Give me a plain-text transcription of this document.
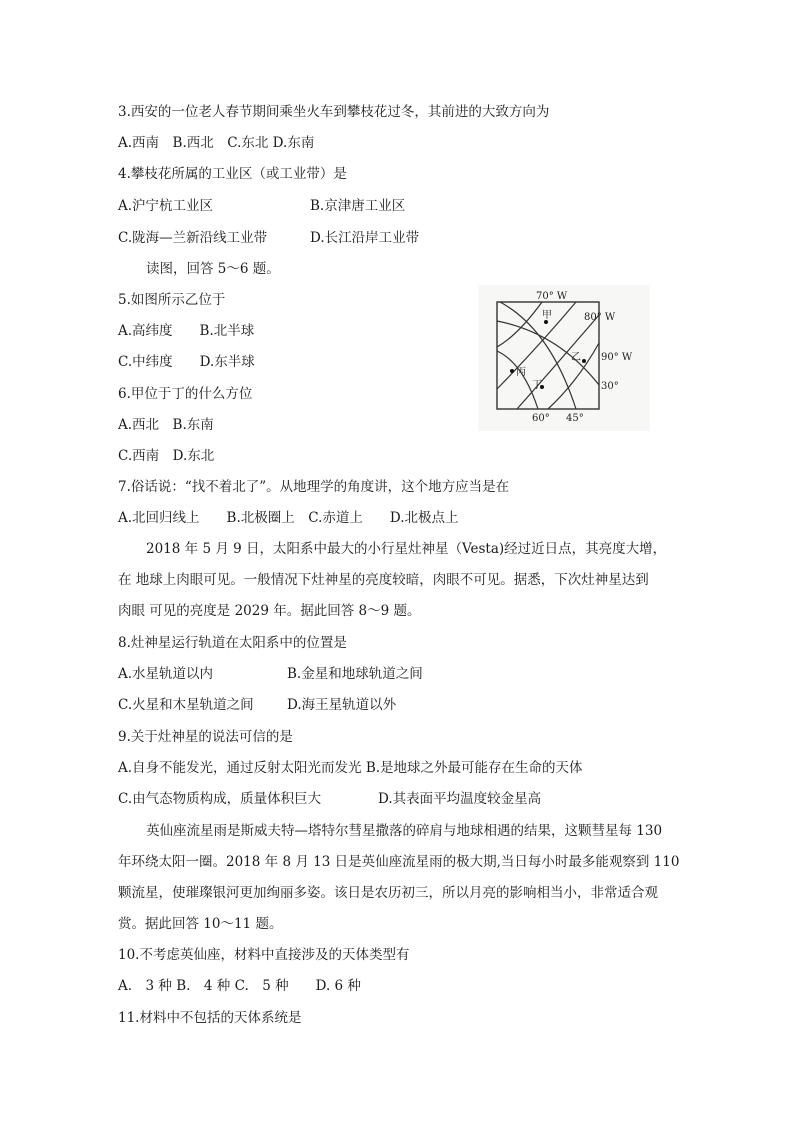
3.西安的一位老人春节期间乘坐火车到攀枝花过冬，其前进的大致方向为
A.西南　B.西北　C.东北 D.东南
4.攀枝花所属的工业区（或工业带）是
A.沪宁杭工业区	B.京津唐工业区
C.陇海—兰新沿线工业带	D.长江沿岸工业带
读图，回答 5～6 题。
5.如图所示乙位于
A.高纬度　　B.北半球
C.中纬度　　D.东半球
6.甲位于丁的什么方位
A.西北　B.东南
C.西南　D.东北
7.俗话说：“找不着北了”。从地理学的角度讲，这个地方应当是在
A.北回归线上　　B.北极圈上　C.赤道上　　D.北极点上
2018 年 5 月 9 日，太阳系中最大的小行星灶神星（Vesta)经过近日点，其亮度大增，
在 地球上肉眼可见。一般情况下灶神星的亮度较暗，肉眼不可见。据悉，下次灶神星达到
肉眼 可见的亮度是 2029 年。据此回答 8～9 题。
8.灶神星运行轨道在太阳系中的位置是
A.水星轨道以内	B.金星和地球轨道之间
C.火星和木星轨道之间 D.海王星轨道以外
9.关于灶神星的说法可信的是
A.自身不能发光，通过反射太阳光而发光 B.是地球之外最可能存在生命的天体
C.由气态物质构成，质量体积巨大	D.其表面平均温度较金星高
英仙座流星雨是斯威夫特—塔特尔彗星撒落的碎肩与地球相遇的结果，这颗彗星每 130
年环绕太阳一圈。2018 年 8 月 13 日是英仙座流星雨的极大期,当日每小时最多能观察到 110
颗流星，使璀璨银河更加绚丽多姿。该日是农历初三，所以月亮的影响相当小，非常适合观
赏。据此回答 10～11 题。
10.不考虑英仙座，材料中直接涉及的天体类型有
A.　3 种 B.　4 种 C.　5 种　　D. 6 种
11.材料中不包括的天体系统是
70° W
80° W
90° W
30°
60° 45°
甲
乙
丙
丁
